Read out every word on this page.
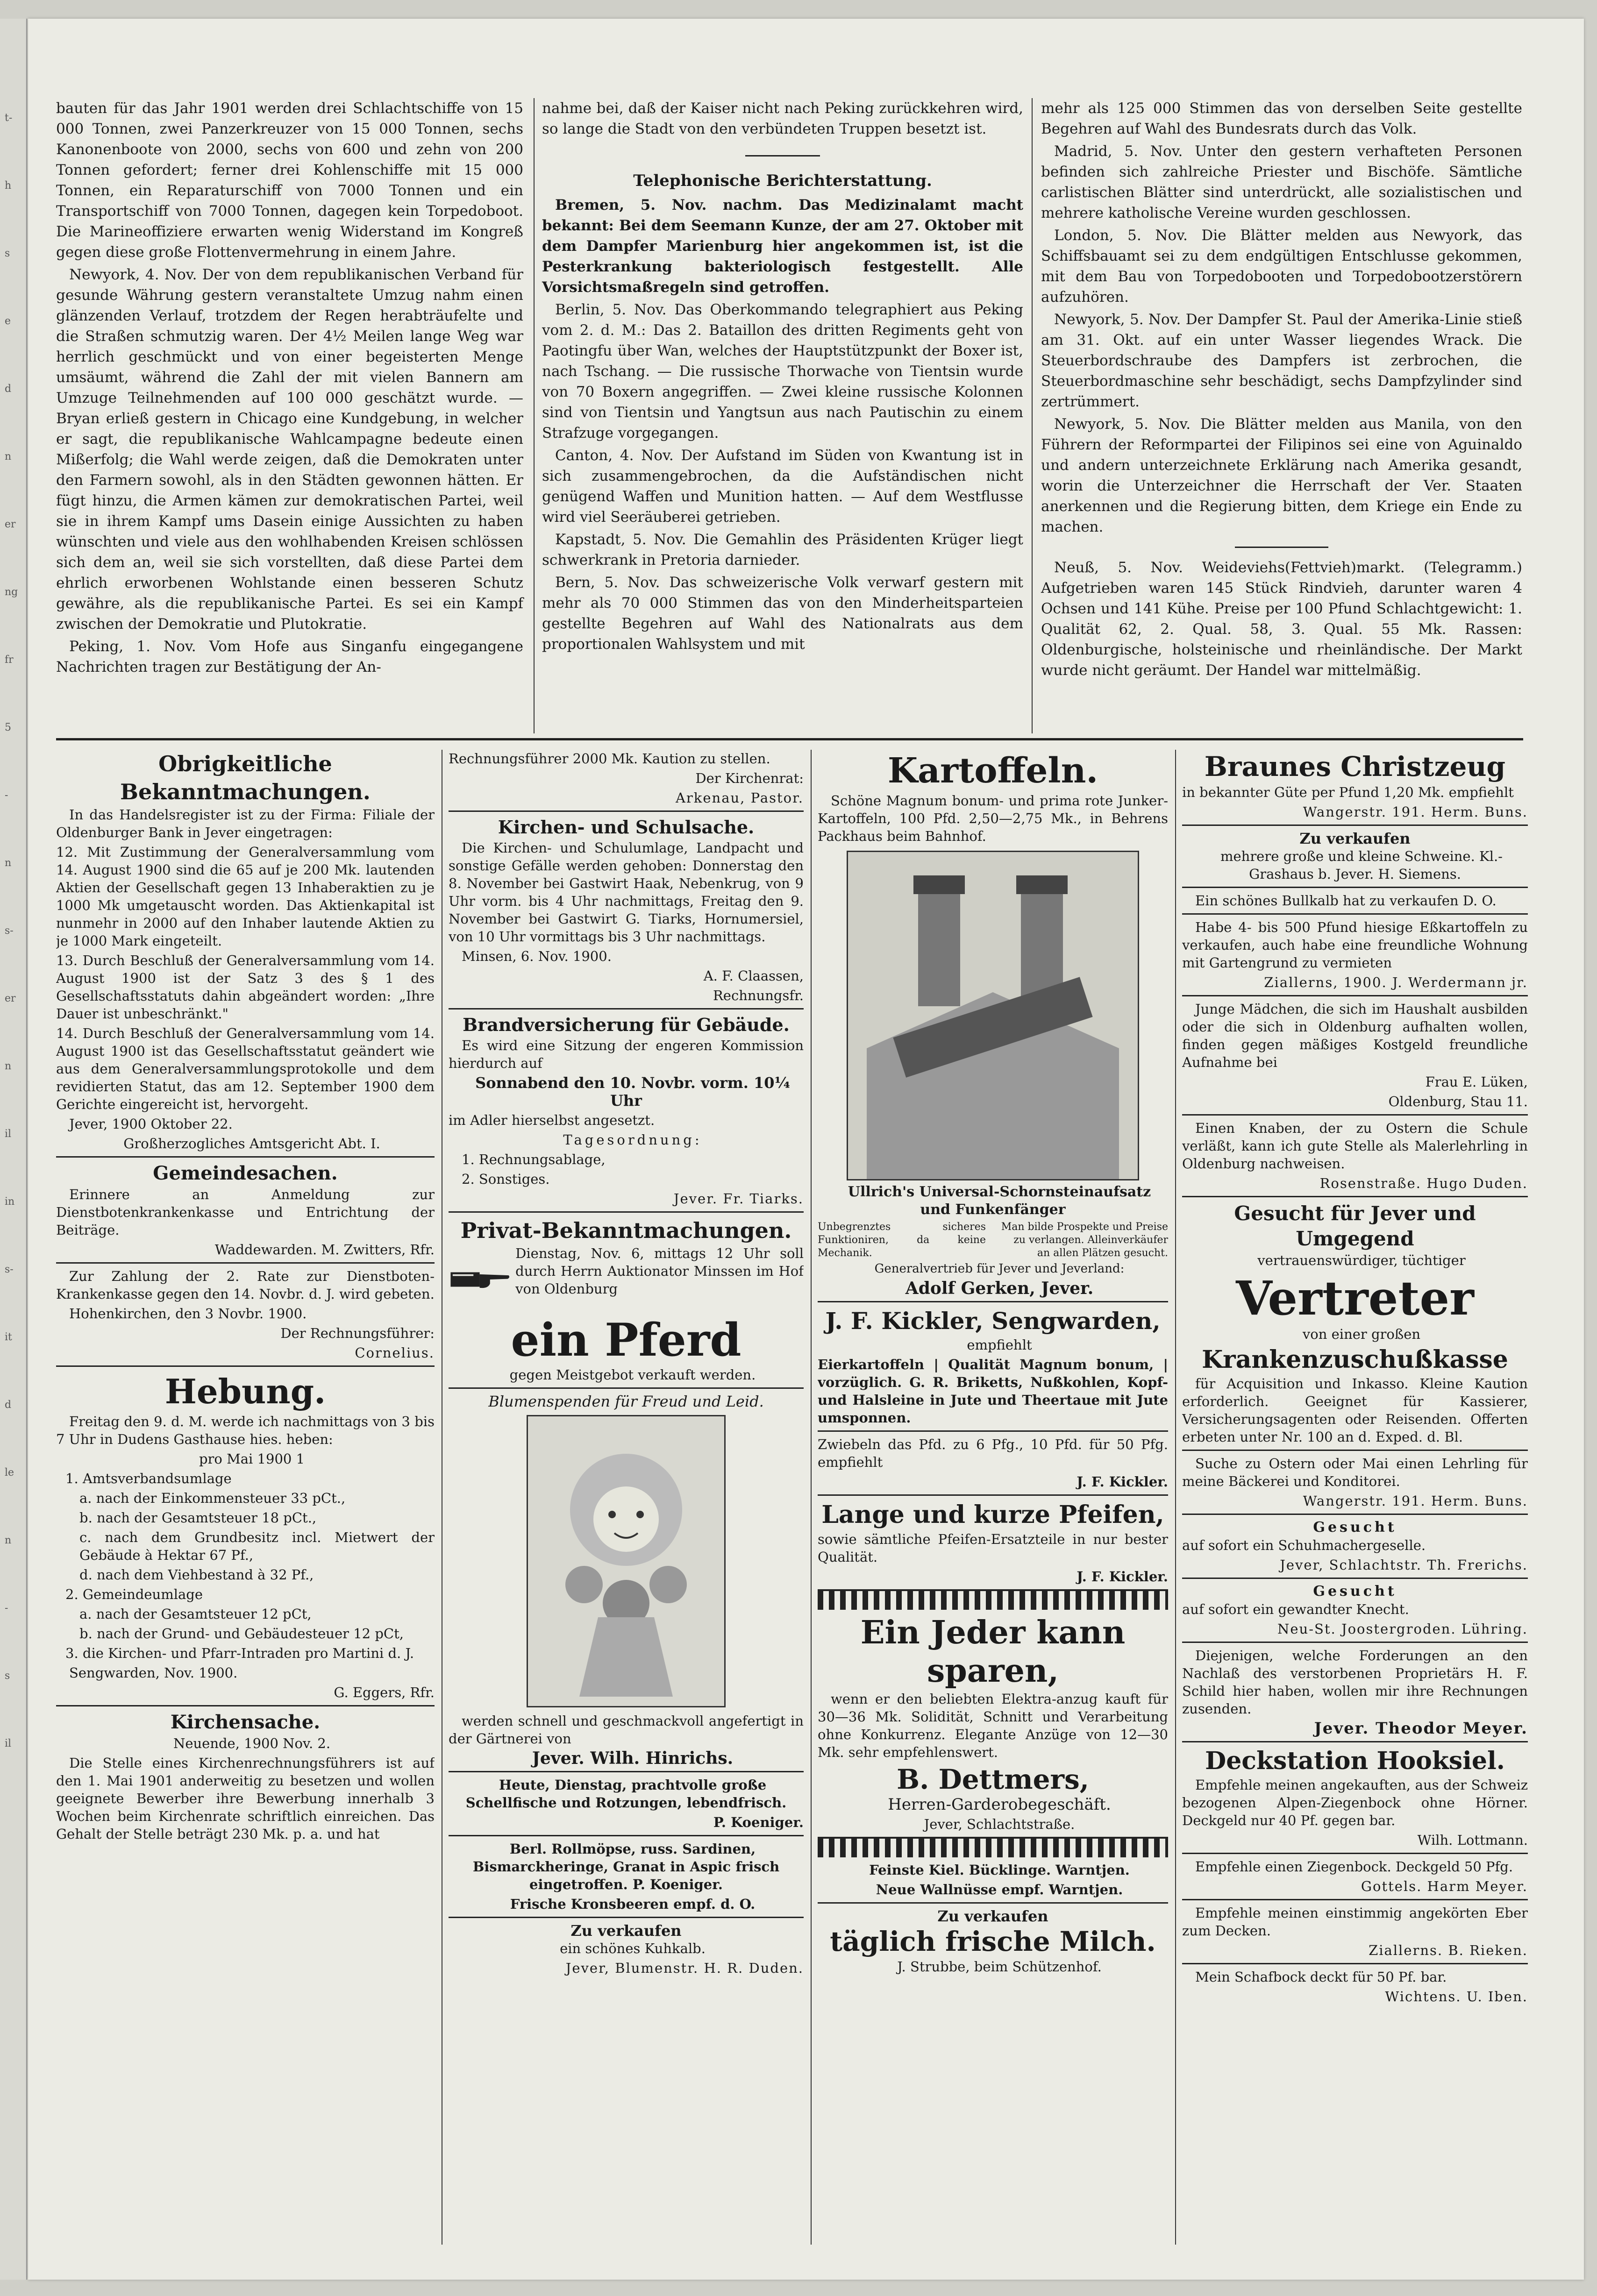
t-
h
s
e
d
n
er
ng
fr
5
-
n
s-
er
n
il
in
s-
it
d
le
n
-
s
il

bauten für das Jahr 1901 werden drei Schlachtschiffe von 15 000 Tonnen, zwei Panzerkreuzer von 15 000 Tonnen, sechs Kanonenboote von 2000, sechs von 600 und zehn von 200 Tonnen gefordert; ferner drei Kohlenschiffe mit 15 000 Tonnen, ein Reparaturschiff von 7000 Tonnen und ein Transportschiff von 7000 Tonnen, dagegen kein Torpedoboot. Die Marineoffiziere erwarten wenig Widerstand im Kongreß gegen diese große Flottenvermehrung in einem Jahre.

Newyork, 4. Nov. Der von dem republikanischen Verband für gesunde Währung gestern veranstaltete Umzug nahm einen glänzenden Verlauf, trotzdem der Regen herabträufelte und die Straßen schmutzig waren. Der 4½ Meilen lange Weg war herrlich geschmückt und von einer begeisterten Menge umsäumt, während die Zahl der mit vielen Bannern am Umzuge Teilnehmenden auf 100 000 geschätzt wurde. — Bryan erließ gestern in Chicago eine Kundgebung, in welcher er sagt, die republikanische Wahlcampagne bedeute einen Mißerfolg; die Wahl werde zeigen, daß die Demokraten unter den Farmern sowohl, als in den Städten gewonnen hätten. Er fügt hinzu, die Armen kämen zur demokratischen Partei, weil sie in ihrem Kampf ums Dasein einige Aussichten zu haben wünschten und viele aus den wohlhabenden Kreisen schlössen sich dem an, weil sie sich vorstellten, daß diese Partei dem ehrlich erworbenen Wohlstande einen besseren Schutz gewähre, als die republikanische Partei. Es sei ein Kampf zwischen der Demokratie und Plutokratie.

Peking, 1. Nov. Vom Hofe aus Singanfu eingegangene Nachrichten tragen zur Bestätigung der An-

nahme bei, daß der Kaiser nicht nach Peking zurückkehren wird, so lange die Stadt von den verbündeten Truppen besetzt ist.

Telephonische Berichterstattung.

Bremen, 5. Nov. nachm. Das Medizinalamt macht bekannt: Bei dem Seemann Kunze, der am 27. Oktober mit dem Dampfer Marienburg hier angekommen ist, ist die Pesterkrankung bakteriologisch festgestellt. Alle Vorsichtsmaßregeln sind getroffen.

Berlin, 5. Nov. Das Oberkommando telegraphiert aus Peking vom 2. d. M.: Das 2. Bataillon des dritten Regiments geht von Paotingfu über Wan, welches der Hauptstützpunkt der Boxer ist, nach Tschang. — Die russische Thorwache von Tientsin wurde von 70 Boxern angegriffen. — Zwei kleine russische Kolonnen sind von Tientsin und Yangtsun aus nach Pautischin zu einem Strafzuge vorgegangen.

Canton, 4. Nov. Der Aufstand im Süden von Kwantung ist in sich zusammengebrochen, da die Aufständischen nicht genügend Waffen und Munition hatten. — Auf dem Westflusse wird viel Seeräuberei getrieben.

Kapstadt, 5. Nov. Die Gemahlin des Präsidenten Krüger liegt schwerkrank in Pretoria darnieder.

Bern, 5. Nov. Das schweizerische Volk verwarf gestern mit mehr als 70 000 Stimmen das von den Minderheitsparteien gestellte Begehren auf Wahl des Nationalrats aus dem proportionalen Wahlsystem und mit

mehr als 125 000 Stimmen das von derselben Seite gestellte Begehren auf Wahl des Bundesrats durch das Volk.

Madrid, 5. Nov. Unter den gestern verhafteten Personen befinden sich zahlreiche Priester und Bischöfe. Sämtliche carlistischen Blätter sind unterdrückt, alle sozialistischen und mehrere katholische Vereine wurden geschlossen.

London, 5. Nov. Die Blätter melden aus Newyork, das Schiffsbauamt sei zu dem endgültigen Entschlusse gekommen, mit dem Bau von Torpedobooten und Torpedobootzerstörern aufzuhören.

Newyork, 5. Nov. Der Dampfer St. Paul der Amerika-Linie stieß am 31. Okt. auf ein unter Wasser liegendes Wrack. Die Steuerbordschraube des Dampfers ist zerbrochen, die Steuerbordmaschine sehr beschädigt, sechs Dampfzylinder sind zertrümmert.

Newyork, 5. Nov. Die Blätter melden aus Manila, von den Führern der Reformpartei der Filipinos sei eine von Aguinaldo und andern unterzeichnete Erklärung nach Amerika gesandt, worin die Unterzeichner die Herrschaft der Ver. Staaten anerkennen und die Regierung bitten, dem Kriege ein Ende zu machen.

Neuß, 5. Nov. Weideviehs(Fettvieh)markt. (Telegramm.) Aufgetrieben waren 145 Stück Rindvieh, darunter waren 4 Ochsen und 141 Kühe. Preise per 100 Pfund Schlachtgewicht: 1. Qualität 62, 2. Qual. 58, 3. Qual. 55 Mk. Rassen: Oldenburgische, holsteinische und rheinländische. Der Markt wurde nicht geräumt. Der Handel war mittelmäßig.

Obrigkeitliche Bekanntmachungen.

In das Handelsregister ist zu der Firma: Filiale der Oldenburger Bank in Jever eingetragen:

12. Mit Zustimmung der Generalversammlung vom 14. August 1900 sind die 65 auf je 200 Mk. lautenden Aktien der Gesellschaft gegen 13 Inhaberaktien zu je 1000 Mk umgetauscht worden. Das Aktienkapital ist nunmehr in 2000 auf den Inhaber lautende Aktien zu je 1000 Mark eingeteilt.

13. Durch Beschluß der Generalversammlung vom 14. August 1900 ist der Satz 3 des § 1 des Gesellschaftsstatuts dahin abgeändert worden: „Ihre Dauer ist unbeschränkt."

14. Durch Beschluß der Generalversammlung vom 14. August 1900 ist das Gesellschaftsstatut geändert wie aus dem Generalversammlungsprotokolle und dem revidierten Statut, das am 12. September 1900 dem Gerichte eingereicht ist, hervorgeht.

Jever, 1900 Oktober 22.

Großherzogliches Amtsgericht Abt. I.

Gemeindesachen.

Erinnere an Anmeldung zur Dienstbotenkrankenkasse und Entrichtung der Beiträge.

Waddewarden. M. Zwitters, Rfr.

Zur Zahlung der 2. Rate zur Dienstboten-Krankenkasse gegen den 14. Novbr. d. J. wird gebeten.

Hohenkirchen, den 3 Novbr. 1900.

Der Rechnungsführer:

Cornelius.

Hebung.

Freitag den 9. d. M. werde ich nachmittags von 3 bis 7 Uhr in Dudens Gasthause hies. heben:

pro Mai 1900 1

1. Amtsverbandsumlage

a. nach der Einkommensteuer 33 pCt.,

b. nach der Gesamtsteuer 18 pCt.,

c. nach dem Grundbesitz incl. Mietwert der Gebäude à Hektar 67 Pf.,

d. nach dem Viehbestand à 32 Pf.,

2. Gemeindeumlage

a. nach der Gesamtsteuer 12 pCt,

b. nach der Grund- und Gebäudesteuer 12 pCt,

3. die Kirchen- und Pfarr-Intraden pro Martini d. J.

Sengwarden, Nov. 1900.

G. Eggers, Rfr.

Kirchensache.

Neuende, 1900 Nov. 2.

Die Stelle eines Kirchenrechnungsführers ist auf den 1. Mai 1901 anderweitig zu besetzen und wollen geeignete Bewerber ihre Bewerbung innerhalb 3 Wochen beim Kirchenrate schriftlich einreichen. Das Gehalt der Stelle beträgt 230 Mk. p. a. und hat

Rechnungsführer 2000 Mk. Kaution zu stellen.

Der Kirchenrat:

Arkenau, Pastor.

Kirchen- und Schulsache.

Die Kirchen- und Schulumlage, Landpacht und sonstige Gefälle werden gehoben: Donnerstag den 8. November bei Gastwirt Haak, Nebenkrug, von 9 Uhr vorm. bis 4 Uhr nachmittags, Freitag den 9. November bei Gastwirt G. Tiarks, Hornumersiel, von 10 Uhr vormittags bis 3 Uhr nachmittags.

Minsen, 6. Nov. 1900.

A. F. Claassen,

Rechnungsfr.

Brandversicherung für Gebäude.

Es wird eine Sitzung der engeren Kommission hierdurch auf

Sonnabend den 10. Novbr. vorm. 10¼ Uhr

im Adler hierselbst angesetzt.

Tagesordnung:

1. Rechnungsablage,

2. Sonstiges.

Jever. Fr. Tiarks.

Privat-Bekanntmachungen.

Dienstag, Nov. 6, mittags 12 Uhr soll durch Herrn Auktionator Minssen im Hof von Oldenburg

ein Pferd

gegen Meistgebot verkauft werden.

Blumenspenden für Freud und Leid.

werden schnell und geschmackvoll angefertigt in der Gärtnerei von

Jever. Wilh. Hinrichs.

Heute, Dienstag, prachtvolle große Schellfische und Rotzungen, lebendfrisch.

P. Koeniger.

Berl. Rollmöpse, russ. Sardinen, Bismarckheringe, Granat in Aspic frisch eingetroffen. P. Koeniger.

Frische Kronsbeeren empf. d. O.

Zu verkaufen

ein schönes Kuhkalb.

Jever, Blumenstr. H. R. Duden.

Kartoffeln.

Schöne Magnum bonum- und prima rote Junker-Kartoffeln, 100 Pfd. 2,50—2,75 Mk., in Behrens Packhaus beim Bahnhof.

Ullrich's Universal-Schornsteinaufsatz und Funkenfänger

Unbegrenztes sicheres Funktioniren, da keine Mechanik.
Man bilde Prospekte und Preise zu verlangen. Alleinverkäufer an allen Plätzen gesucht.

Generalvertrieb für Jever und Jeverland:

Adolf Gerken, Jever.

J. F. Kickler, Sengwarden,

empfiehlt

Eierkartoffeln | Qualität Magnum bonum, | vorzüglich. G. R. Briketts, Nußkohlen, Kopf- und Halsleine in Jute und Theertaue mit Jute umsponnen.

Zwiebeln das Pfd. zu 6 Pfg., 10 Pfd. für 50 Pfg. empfiehlt

J. F. Kickler.

Lange und kurze Pfeifen,

sowie sämtliche Pfeifen-Ersatzteile in nur bester Qualität.

J. F. Kickler.

Ein Jeder kann sparen,

wenn er den beliebten Elektra-anzug kauft für 30—36 Mk. Solidität, Schnitt und Verarbeitung ohne Konkurrenz. Elegante Anzüge von 12—30 Mk. sehr empfehlenswert.

B. Dettmers,

Herren-Garderobegeschäft.

Jever, Schlachtstraße.

Feinste Kiel. Bücklinge. Warntjen.

Neue Wallnüsse empf. Warntjen.

Zu verkaufen
täglich frische Milch.

J. Strubbe, beim Schützenhof.

Braunes Christzeug

in bekannter Güte per Pfund 1,20 Mk. empfiehlt

Wangerstr. 191. Herm. Buns.

Zu verkaufen

mehrere große und kleine Schweine. Kl.-Grashaus b. Jever. H. Siemens.

Ein schönes Bullkalb hat zu verkaufen D. O.

Habe 4- bis 500 Pfund hiesige Eßkartoffeln zu verkaufen, auch habe eine freundliche Wohnung mit Gartengrund zu vermieten

Ziallerns, 1900. J. Werdermann jr.

Junge Mädchen, die sich im Haushalt ausbilden oder die sich in Oldenburg aufhalten wollen, finden gegen mäßiges Kostgeld freundliche Aufnahme bei

Frau E. Lüken,

Oldenburg, Stau 11.

Einen Knaben, der zu Ostern die Schule verläßt, kann ich gute Stelle als Malerlehrling in Oldenburg nachweisen.

Rosenstraße. Hugo Duden.

Gesucht für Jever und Umgegend

vertrauenswürdiger, tüchtiger

Vertreter

von einer großen

Krankenzuschußkasse

für Acquisition und Inkasso. Kleine Kaution erforderlich. Geeignet für Kassierer, Versicherungsagenten oder Reisenden. Offerten erbeten unter Nr. 100 an d. Exped. d. Bl.

Suche zu Ostern oder Mai einen Lehrling für meine Bäckerei und Konditorei.

Wangerstr. 191. Herm. Buns.

Gesucht

auf sofort ein Schuhmachergeselle.

Jever, Schlachtstr. Th. Frerichs.

Gesucht

auf sofort ein gewandter Knecht.

Neu-St. Joostergroden. Lühring.

Diejenigen, welche Forderungen an den Nachlaß des verstorbenen Proprietärs H. F. Schild hier haben, wollen mir ihre Rechnungen zusenden.

Jever. Theodor Meyer.

Deckstation Hooksiel.

Empfehle meinen angekauften, aus der Schweiz bezogenen Alpen-Ziegenbock ohne Hörner. Deckgeld nur 40 Pf. gegen bar.

Wilh. Lottmann.

Empfehle einen Ziegenbock. Deckgeld 50 Pfg.

Gottels. Harm Meyer.

Empfehle meinen einstimmig angekörten Eber zum Decken.

Ziallerns. B. Rieken.

Mein Schafbock deckt für 50 Pf. bar.

Wichtens. U. Iben.
